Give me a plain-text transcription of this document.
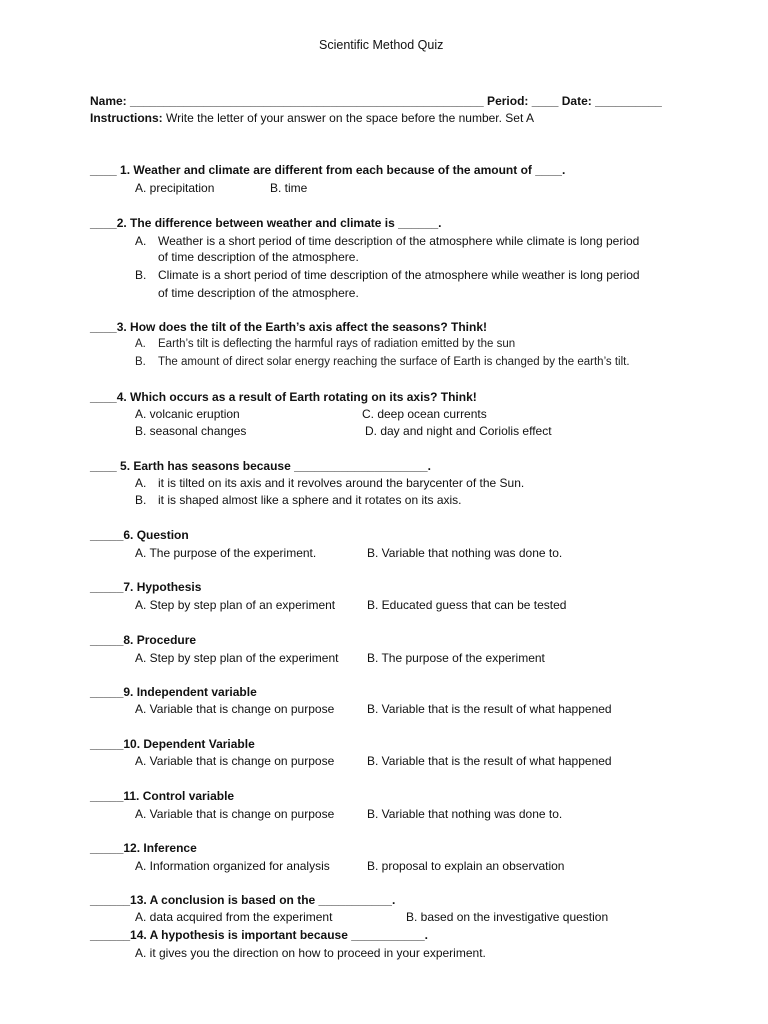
Scientific Method Quiz
Name: _____________________________________________________ Period: ____ Date: __________
Instructions: Write the letter of your answer on the space before the number. Set A
____ 1. Weather and climate are different from each because of the amount of ____.
A. precipitation	B. time
____2. The difference between weather and climate is ______.
A. Weather is a short period of time description of the atmosphere while climate is long period
of time description of the atmosphere.
B. Climate is a short period of time description of the atmosphere while weather is long period
of time description of the atmosphere.
____3. How does the tilt of the Earth’s axis affect the seasons? Think!
A. Earth’s tilt is deflecting the harmful rays of radiation emitted by the sun
B. The amount of direct solar energy reaching the surface of Earth is changed by the earth’s tilt.
____4. Which occurs as a result of Earth rotating on its axis? Think!
A. volcanic eruption	C. deep ocean currents
B. seasonal changes	D. day and night and Coriolis effect
____ 5. Earth has seasons because ____________________.
A. it is tilted on its axis and it revolves around the barycenter of the Sun.
B. it is shaped almost like a sphere and it rotates on its axis.
_____6. Question
A. The purpose of the experiment.	B. Variable that nothing was done to.
_____7. Hypothesis
A. Step by step plan of an experiment	B. Educated guess that can be tested
_____8. Procedure
A. Step by step plan of the experiment B. The purpose of the experiment
_____9. Independent variable
A. Variable that is change on purpose	B. Variable that is the result of what happened
_____10. Dependent Variable
A. Variable that is change on purpose	B. Variable that is the result of what happened
_____11. Control variable
A. Variable that is change on purpose	B. Variable that nothing was done to.
_____12. Inference
A. Information organized for analysis	B. proposal to explain an observation
______13. A conclusion is based on the ___________.
A. data acquired from the experiment	B. based on the investigative question
______14. A hypothesis is important because ___________.
A. it gives you the direction on how to proceed in your experiment.
